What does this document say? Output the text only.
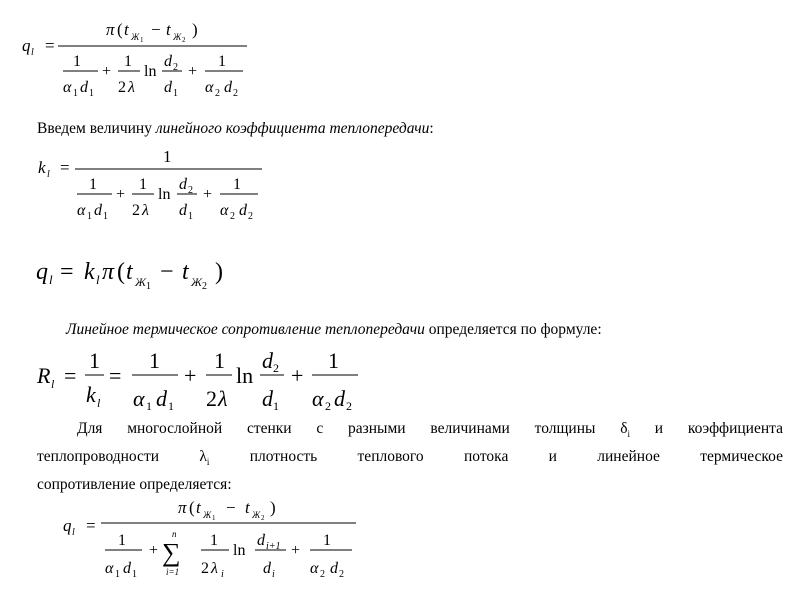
q l =
π ( t Ж 1
− t Ж 2
)
1
α 1 d 1
+
1
2 λ
ln
d 2
d 1
+
1
α 2 d 2
Введем величину линейного коэффициента теплопередачи:
k l =
1
1
α 1 d 1
+
1
2 λ
ln
d 2
d 1
+
1
α 2 d 2
q l = k l π ( t Ж 1
− t Ж 2
)
Линейное термическое сопротивление теплопередачи определяется по формуле:
R l =
1
k l
=
1
α 1 d 1
+
1
2 λ
ln
d 2
d 1
+
1
α 2 d 2
Для многослойной стенки с разными величинами толщины $\delta_i$ и коэффициента
теплопроводности $\lambda_i$ плотность теплового потока и линейное термическое
сопротивление определяется:
q l =
π ( t Ж 1
− t Ж 2
)
1
α 1 d 1
+
n
∑
i=1
1
2 λ i
ln
d i+1
d i
+
1
α 2 d 2
